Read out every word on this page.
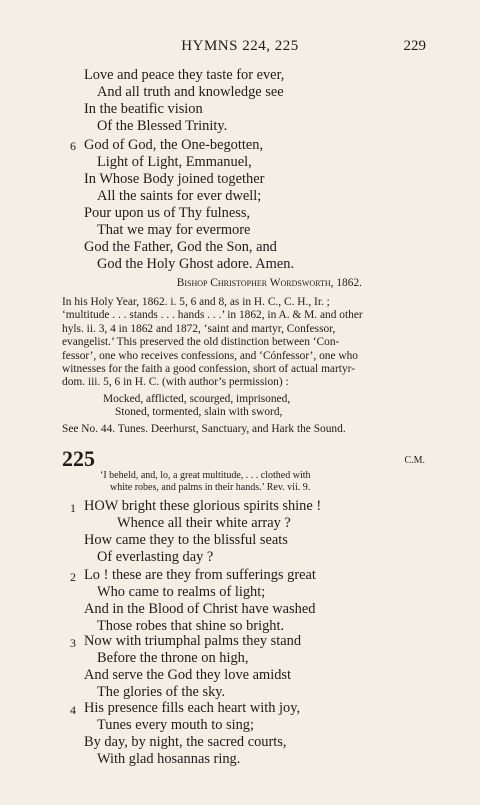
HYMNS 224, 225	229
Love and peace they taste for ever,
And all truth and knowledge see
In the beatific vision
Of the Blessed Trinity.
6 God of God, the One-begotten,
Light of Light, Emmanuel,
In Whose Body joined together
All the saints for ever dwell;
Pour upon us of Thy fulness,
That we may for evermore
God the Father, God the Son, and
God the Holy Ghost adore. Amen.
Bishop Christopher Wordsworth, 1862.
In his Holy Year, 1862. i. 5, 6 and 8, as in H. C., C. H., Ir. ;
‘multitude . . . stands . . . hands . . .’ in 1862, in A. & M. and other
hyls. ii. 3, 4 in 1862 and 1872, ‘saint and martyr, Confessor,
evangelist.’ This preserved the old distinction between ‘Con-
fessor’, one who receives confessions, and ‘Cónfessor’, one who
witnesses for the faith a good confession, short of actual martyr-
dom. iii. 5, 6 in H. C. (with author’s permission) :
Mocked, afflicted, scourged, imprisoned,
Stoned, tormented, slain with sword,
See No. 44. Tunes. Deerhurst, Sanctuary, and Hark the Sound.
225	C.M.
‘I beheld, and, lo, a great multitude, . . . clothed with
white robes, and palms in their hands.’ Rev. vii. 9.
1 HOW bright these glorious spirits shine !
Whence all their white array ?
How came they to the blissful seats
Of everlasting day ?
2 Lo ! these are they from sufferings great
Who came to realms of light;
And in the Blood of Christ have washed
Those robes that shine so bright.
3 Now with triumphal palms they stand
Before the throne on high,
And serve the God they love amidst
The glories of the sky.
4 His presence fills each heart with joy,
Tunes every mouth to sing;
By day, by night, the sacred courts,
With glad hosannas ring.
